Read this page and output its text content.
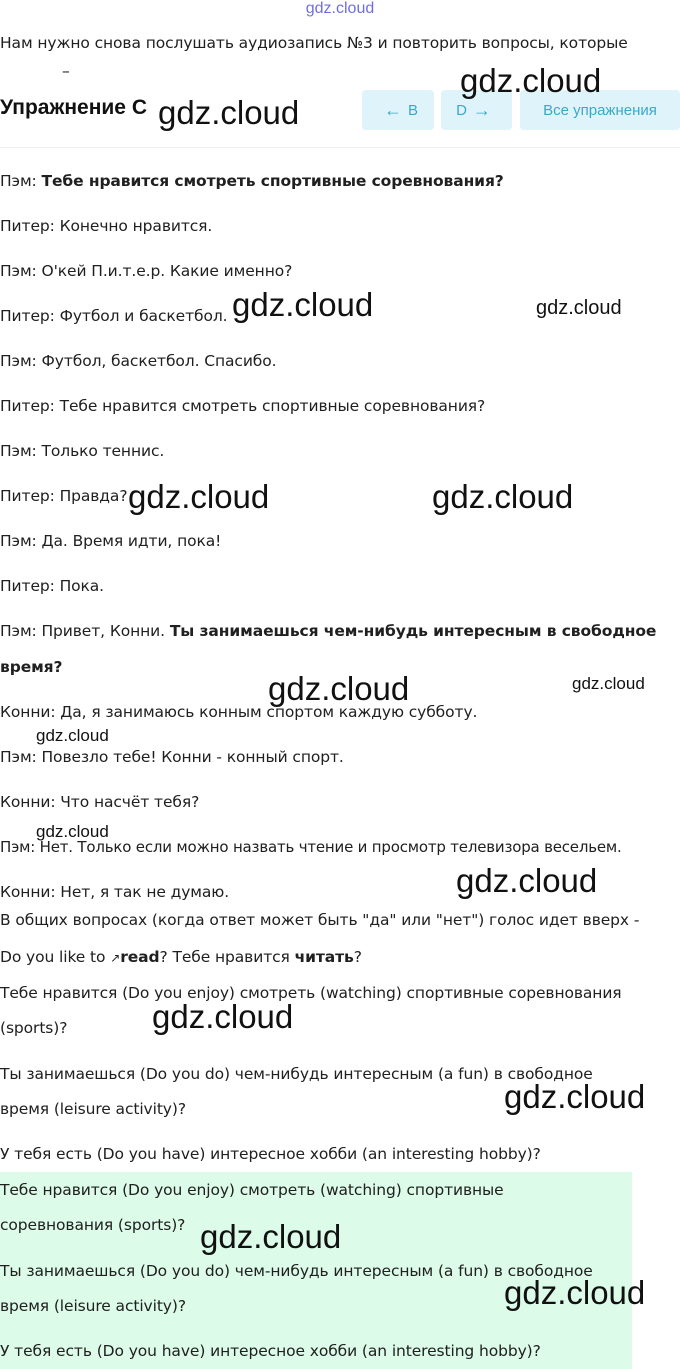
gdz.cloud
Нам нужно снова послушать аудиозапись №3 и повторить вопросы, которые
–
Упражнение C	← B	D →	Все упражнения
Пэм: Тебе нравится смотреть спортивные соревнования?
Питер: Конечно нравится.
Пэм: О'кей П.и.т.е.р. Какие именно?
Питер: Футбол и баскетбол.
Пэм: Футбол, баскетбол. Спасибо.
Питер: Тебе нравится смотреть спортивные соревнования?
Пэм: Только теннис.
Питер: Правда?
Пэм: Да. Время идти, пока!
Питер: Пока.
Пэм: Привет, Конни. Ты занимаешься чем-нибудь интересным в свободное
время?
Конни: Да, я занимаюсь конным спортом каждую субботу.
Пэм: Повезло тебе! Конни - конный спорт.
Конни: Что насчёт тебя?
Пэм: Нет. Только если можно назвать чтение и просмотр телевизора весельем.
Конни: Нет, я так не думаю.
В общих вопросах (когда ответ может быть "да" или "нет") голос идет вверх -
Do you like to ↗read? Тебе нравится читать?
Тебе нравится (Do you enjoy) смотреть (watching) спортивные соревнования
(sports)?
Ты занимаешься (Do you do) чем-нибудь интересным (a fun) в свободное
время (leisure activity)?
У тебя есть (Do you have) интересное хобби (an interesting hobby)?
Тебе нравится (Do you enjoy) смотреть (watching) спортивные
соревнования (sports)?
Ты занимаешься (Do you do) чем-нибудь интересным (a fun) в свободное
время (leisure activity)?
У тебя есть (Do you have) интересное хобби (an interesting hobby)?
gdz.cloud
gdz.cloud
gdz.cloud	gdz.cloud
gdz.cloud	gdz.cloud
gdz.cloud	gdz.cloud
gdz.cloud
gdz.cloud
gdz.cloud
gdz.cloud
gdz.cloud
gdz.cloud
gdz.cloud
